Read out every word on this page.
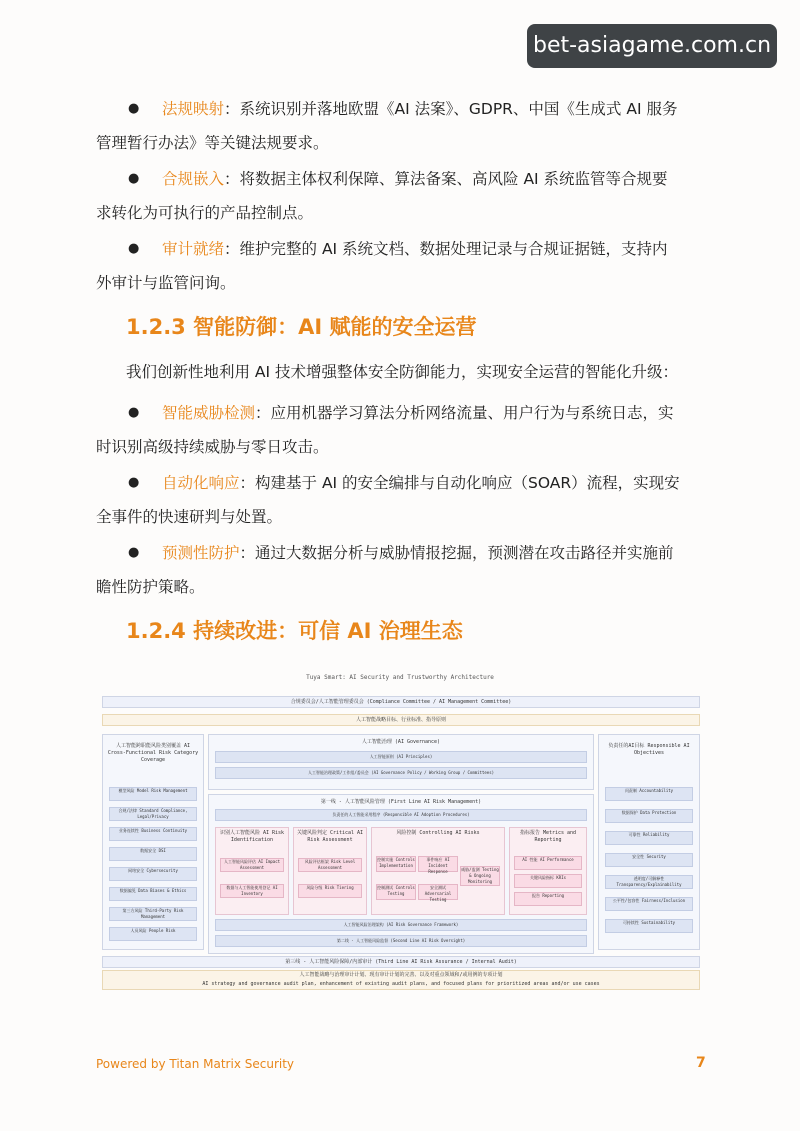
bet-asiagame.com.cn
● 法规映射：系统识别并落地欧盟《AI 法案》、GDPR、中国《生成式 AI 服务
管理暂行办法》等关键法规要求。
● 合规嵌入：将数据主体权利保障、算法备案、高风险 AI 系统监管等合规要
求转化为可执行的产品控制点。
● 审计就绪：维护完整的 AI 系统文档、数据处理记录与合规证据链，支持内
外审计与监管问询。
1.2.3 智能防御：AI 赋能的安全运营
我们创新性地利用 AI 技术增强整体安全防御能力，实现安全运营的智能化升级：
● 智能威胁检测：应用机器学习算法分析网络流量、用户行为与系统日志，实
时识别高级持续威胁与零日攻击。
● 自动化响应：构建基于 AI 的安全编排与自动化响应（SOAR）流程，实现安
全事件的快速研判与处置。
● 预测性防护：通过大数据分析与威胁情报挖掘，预测潜在攻击路径并实施前
瞻性防护策略。
1.2.4 持续改进：可信 AI 治理生态
Tuya Smart: AI Security and Trustworthy Architecture
合规委员会/人工智能管理委员会 (Compliance Committee / AI Management Committee)
人工智能战略目标、行业标准、指导原则
人工智能跨职能风险类别覆盖 AI Cross-Functional Risk Category Coverage
模型风险 Model Risk Management
合规/法律 Standard Compliance, Legal/Privacy
业务连续性 Business Continuity
数据安全 DSI
网络安全 Cybersecurity
数据偏见 Data Biases & Ethics
第三方风险 Third-Party Risk Management
人员风险 People Risk
负责任的AI目标 Responsible AI Objectives
问责制 Accountability
数据保护 Data Protection
可靠性 Reliability
安全性 Security
透明度/可解释性 Transparency/Explainability
公平性/包容性 Fairness/Inclusion
可持续性 Sustainability
人工智能治理 (AI Governance)
人工智能原则 (AI Principles)
人工智能治理政策/工作组/委员会 (AI Governance Policy / Working Group / Committees)
第一线 - 人工智能风险管理 (First Line AI Risk Management)
负责任的人工智能采用程序 (Responsible AI Adoption Procedures)
识别人工智能风险 AI Risk Identification
人工智能风险评估 AI Impact Assessment
数据与人工智能使用登记 AI Inventory
关键风险判定 Critical AI Risk Assessment
风险评估框架 Risk Level Assessment
风险分级 Risk Tiering
风险控制 Controlling AI Risks
控制实施 Controls Implementation
事件响应 AI Incident Response	威胁/监测 Testing & Ongoing Monitoring
控制测试 Controls Testing
安全测试 Adversarial Testing
指标报告 Metrics and Reporting
AI 性能 AI Performance
关键风险指标 KRIs
报告 Reporting
人工智能风险治理架构 (AI Risk Governance Framework)
第二线 - 人工智能风险监督 (Second Line AI Risk Oversight)
第三线 - 人工智能风险保障/内部审计 (Third Line AI Risk Assurance / Internal Audit)
人工智能战略与治理审计计划、现有审计计划的完善、以及对重点领域和/或用例的专项计划
AI strategy and governance audit plan, enhancement of existing audit plans, and focused plans for prioritized areas and/or use cases
Powered by Titan Matrix Security	7
